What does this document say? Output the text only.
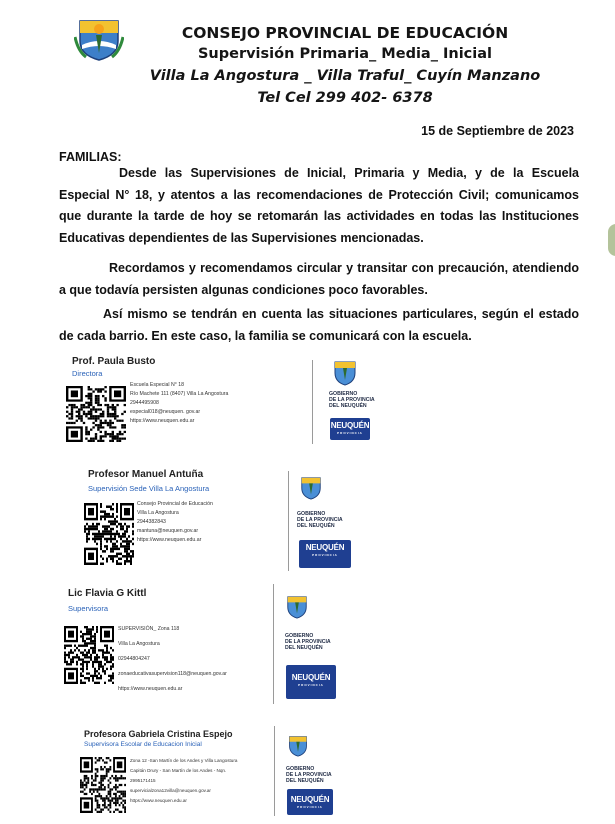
CONSEJO PROVINCIAL DE EDUCACIÓN
Supervisión Primaria_ Media_ Inicial
Villa La Angostura _ Villa Traful_ Cuyín Manzano
Tel Cel 299 402- 6378
15 de Septiembre de 2023
FAMILIAS:
Desde las Supervisiones de Inicial, Primaria y Media, y de la Escuela Especial N° 18, y atentos a las recomendaciones de Protección Civil; comunicamos que durante la tarde de hoy se retomarán las actividades en todas las Instituciones Educativas dependientes de las Supervisiones mencionadas.
Recordamos y recomendamos circular y transitar con precaución, atendiendo a que todavía persisten algunas condiciones poco favorables.
Así mismo se tendrán en cuenta las situaciones particulares, según el estado de cada barrio. En este caso, la familia se comunicará con la escuela.
Prof. Paula Busto
Directora
Escuela Especial N° 18
Río Machete 111 (8407) Villa La Angostura
2944495908
especial018@neuquen. gov.ar
https://www.neuquen.edu.ar
GOBIERNO
DE LA PROVINCIA
DEL NEUQUÉN
NEUQUÉN
PROVINCIA
Profesor Manuel Antuña
Supervisión Sede Villa La Angostura
Consejo Provincial de Educación
Villa La Angostura
2944382843
mantuna@neuquen.gov.ar
https://www.neuquen.edu.ar
GOBIERNO
DE LA PROVINCIA
DEL NEUQUÉN
NEUQUÉN
PROVINCIA
Lic Flavia G Kittl
Supervisora
SUPERVISIÓN_ Zona 118
Villa La Angostura
02944804247
zonaeducativasupervision118@neuquen.gov.ar
https://www.neuquen.edu.ar
GOBIERNO
DE LA PROVINCIA
DEL NEUQUÉN
NEUQUÉN
PROVINCIA
Profesora Gabriela Cristina Espejo
Supervisora Escolar de Educacion Inicial
Zona 12 -San Martín de los Andes y Villa Langostura
Capitán Drury - San Martín de los Andes - Nqn.
2995171415
supervicialzona12villa@neuquen.gov.ar
https://www.neuquen.edu.ar
GOBIERNO
DE LA PROVINCIA
DEL NEUQUÉN
NEUQUÉN
PROVINCIA
